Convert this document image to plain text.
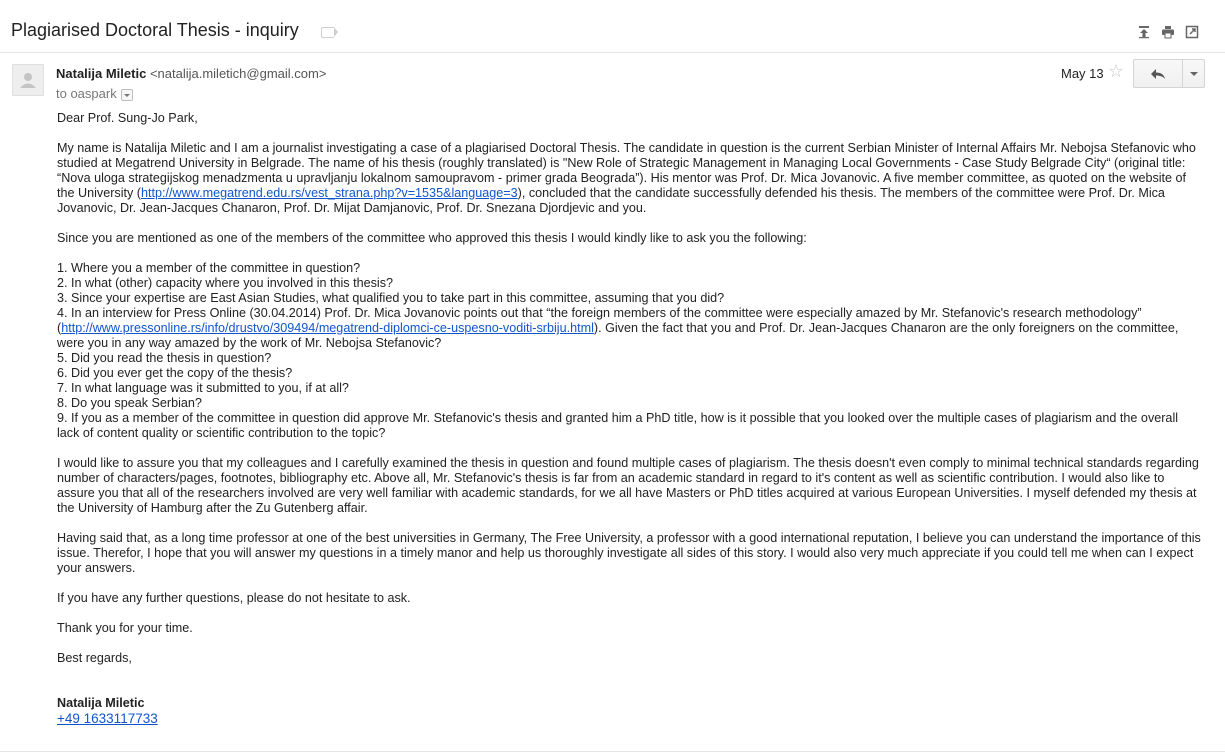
Plagiarised Doctoral Thesis - inquiry
Natalija Miletic <natalija.miletich@gmail.com>
to oaspark
May 13 ☆

Dear Prof. Sung-Jo Park,

My name is Natalija Miletic and I am a journalist investigating a case of a plagiarised Doctoral Thesis. The candidate in question is the current Serbian Minister of Internal Affairs Mr. Nebojsa Stefanovic who studied at Megatrend University in Belgrade. The name of his thesis (roughly translated) is "New Role of Strategic Management in Managing Local Governments - Case Study Belgrade City“ (original title: “Nova uloga strategijskog menadzmenta u upravljanju lokalnom samoupravom - primer grada Beograda”). His mentor was Prof. Dr. Mica Jovanovic. A five member committee, as quoted on the website of the University (http://www.megatrend.edu.rs/vest_strana.php?v=1535&language=3), concluded that the candidate successfully defended his thesis. The members of the committee were Prof. Dr. Mica Jovanovic, Dr. Jean-Jacques Chanaron, Prof. Dr. Mijat Damjanovic, Prof. Dr. Snezana Djordjevic and you.

Since you are mentioned as one of the members of the committee who approved this thesis I would kindly like to ask you the following:

1. Where you a member of the committee in question?
2. In what (other) capacity where you involved in this thesis?
3. Since your expertise are East Asian Studies, what qualified you to take part in this committee, assuming that you did?
4. In an interview for Press Online (30.04.2014) Prof. Dr. Mica Jovanovic points out that “the foreign members of the committee were especially amazed by Mr. Stefanovic's research methodology” (http://www.pressonline.rs/info/drustvo/309494/megatrend-diplomci-ce-uspesno-voditi-srbiju.html). Given the fact that you and Prof. Dr. Jean-Jacques Chanaron are the only foreigners on the committee, were you in any way amazed by the work of Mr. Nebojsa Stefanovic?
5. Did you read the thesis in question?
6. Did you ever get the copy of the thesis?
7. In what language was it submitted to you, if at all?
8. Do you speak Serbian?
9. If you as a member of the committee in question did approve Mr. Stefanovic's thesis and granted him a PhD title, how is it possible that you looked over the multiple cases of plagiarism and the overall lack of content quality or scientific contribution to the topic?

I would like to assure you that my colleagues and I carefully examined the thesis in question and found multiple cases of plagiarism. The thesis doesn't even comply to minimal technical standards regarding number of characters/pages, footnotes, bibliography etc. Above all, Mr. Stefanovic's thesis is far from an academic standard in regard to it's content as well as scientific contribution. I would also like to assure you that all of the researchers involved are very well familiar with academic standards, for we all have Masters or PhD titles acquired at various European Universities. I myself defended my thesis at the University of Hamburg after the Zu Gutenberg affair.

Having said that, as a long time professor at one of the best universities in Germany, The Free University, a professor with a good international reputation, I believe you can understand the importance of this issue. Therefor, I hope that you will answer my questions in a timely manor and help us thoroughly investigate all sides of this story. I would also very much appreciate if you could tell me when can I expect your answers.

If you have any further questions, please do not hesitate to ask.

Thank you for your time.

Best regards,

Natalija Miletic
+49 1633117733
